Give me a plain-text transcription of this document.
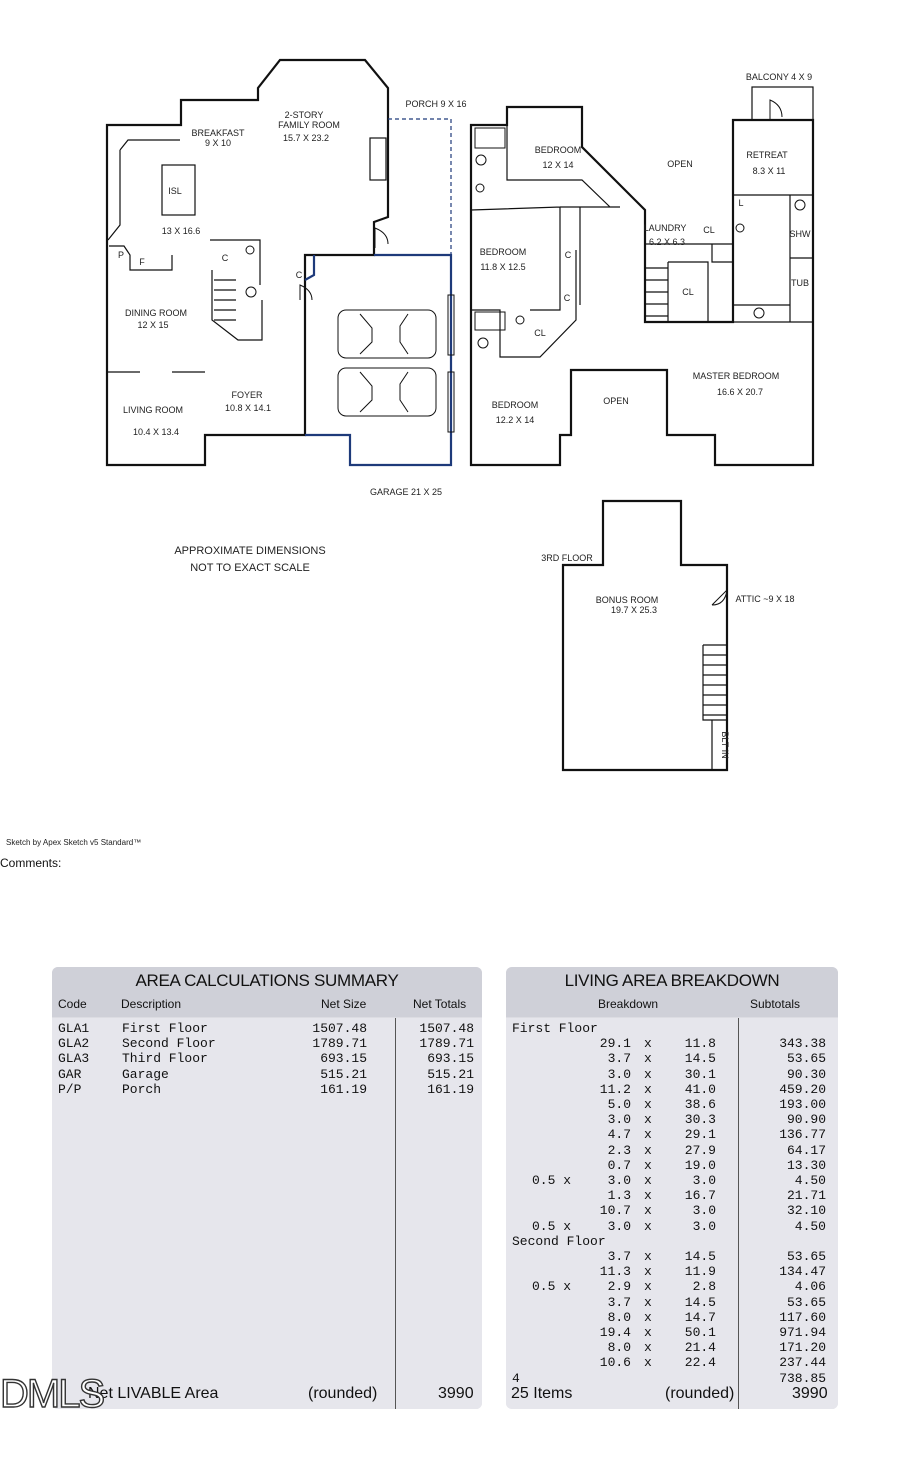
BREAKFAST
9 X 10
2-STORY
FAMILY ROOM
15.7 X 23.2
ISL
13 X 16.6
P
F	C
C
DINING ROOM
12 X 15
FOYER
10.8 X 14.1
LIVING ROOM
10.4 X 13.4
PORCH 9 X 16
GARAGE 21 X 25
BEDROOM
12 X 14	OPEN
RETREAT
8.3 X 11
BALCONY 4 X 9
BEDROOM
11.8 X 12.5
C
C
CL
LAUNDRY
6.2 X 6.3
CL
CL
L
SHW
TUB
MASTER BEDROOM
16.6 X 20.7
OPEN
BEDROOM
12.2 X 14
3RD FLOOR
BONUS ROOM
19.7 X 25.3
ATTIC ~9 X 18
BLT IN
APPROXIMATE DIMENSIONS
NOT TO EXACT SCALE
Sketch by Apex Sketch v5 Standard™
Comments:
AREA CALCULATIONS SUMMARY
Code	Description	Net Size	Net Totals
GLA1	First Floor	1507.48	1507.48
GLA2	Second Floor	1789.71	1789.71
GLA3	Third Floor	693.15	693.15
GAR	Garage	515.21	515.21
P/P	Porch	161.19	161.19
Net LIVABLE Area	(rounded)	3990
LIVING AREA BREAKDOWN
Breakdown	Subtotals
First Floor
29.1 x	11.8	343.38
3.7 x	14.5	53.65
3.0 x	30.1	90.30
11.2 x	41.0	459.20
5.0 x	38.6	193.00
3.0 x	30.3	90.90
4.7 x	29.1	136.77
2.3 x	27.9	64.17
0.7 x	19.0	13.30
0.5 x	3.0 x	3.0	4.50
1.3 x	16.7	21.71
10.7 x	3.0	32.10
0.5 x	3.0 x	3.0	4.50
Second Floor
3.7 x	14.5	53.65
11.3 x	11.9	134.47
0.5 x	2.9 x	2.8	4.06
3.7 x	14.5	53.65
8.0 x	14.7	117.60
19.4 x	50.1	971.94
8.0 x	21.4	171.20
10.6 x	22.4	237.44
4	738.85
25 Items	(rounded)	3990
DMLS
